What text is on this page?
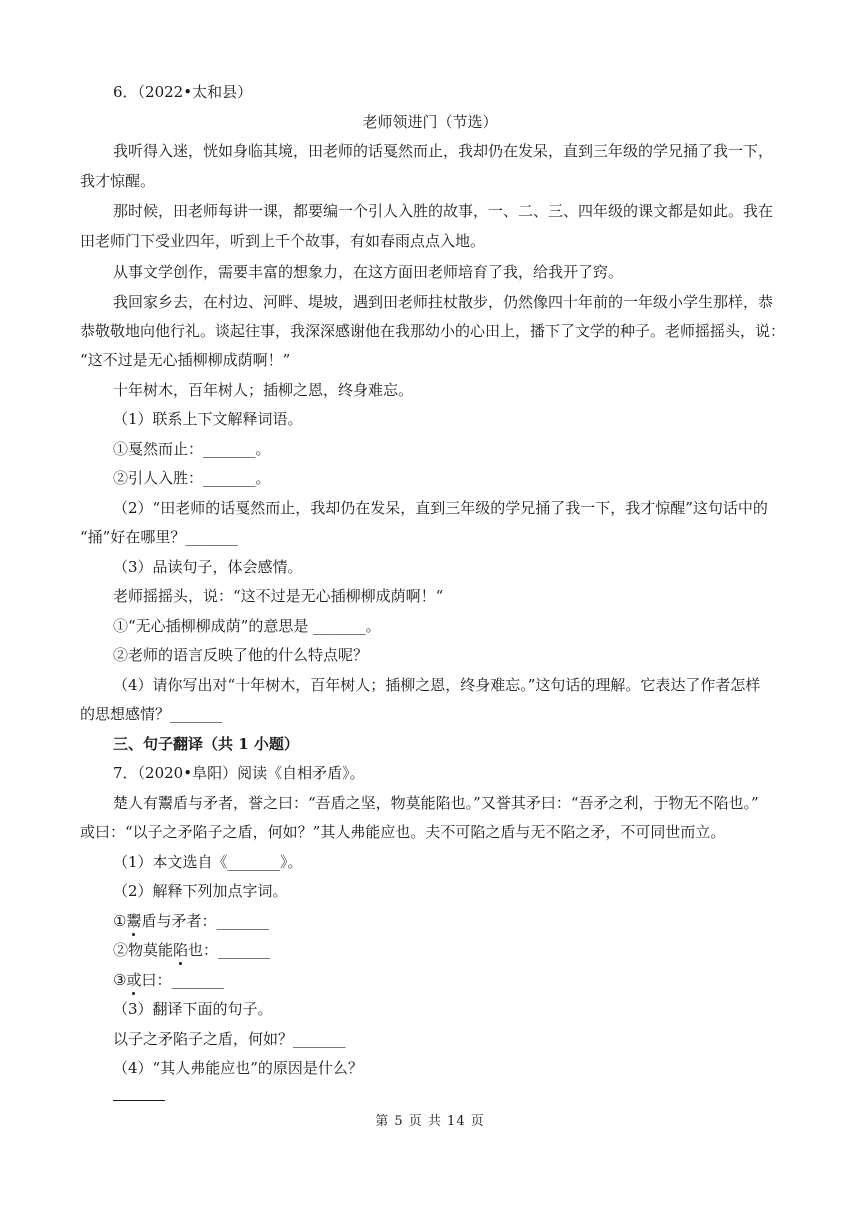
6．（2022•太和县）
老师领进门（节选）
我听得入迷，恍如身临其境，田老师的话戛然而止，我却仍在发呆，直到三年级的学兄捅了我一下，
我才惊醒。
那时候，田老师每讲一课，都要编一个引人入胜的故事，一、二、三、四年级的课文都是如此。我在
田老师门下受业四年，听到上千个故事，有如春雨点点入地。
从事文学创作，需要丰富的想象力，在这方面田老师培育了我，给我开了窍。
我回家乡去，在村边、河畔、堤坡，遇到田老师拄杖散步，仍然像四十年前的一年级小学生那样，恭
恭敬敬地向他行礼。谈起往事，我深深感谢他在我那幼小的心田上，播下了文学的种子。老师摇摇头，说：
“这不过是无心插柳柳成荫啊！”
十年树木，百年树人；插柳之恩，终身难忘。
（1）联系上下文解释词语。
①戛然而止：_______。
②引人入胜：_______。
（2）“田老师的话戛然而止，我却仍在发呆，直到三年级的学兄捅了我一下，我才惊醒”这句话中的
“捅”好在哪里？_______
（3）品读句子，体会感情。
老师摇摇头，说：“这不过是无心插柳柳成荫啊！“
①“无心插柳柳成荫”的意思是 _______。
②老师的语言反映了他的什么特点呢？
（4）请你写出对“十年树木，百年树人；插柳之恩，终身难忘。”这句话的理解。它表达了作者怎样
的思想感情？_______
三、句子翻译（共 1 小题）
7．（2020•阜阳）阅读《自相矛盾》。
楚人有鬻盾与矛者，誉之曰：“吾盾之坚，物莫能陷也。”又誉其矛曰：“吾矛之利，于物无不陷也。”
或曰：“以子之矛陷子之盾，何如？”其人弗能应也。夫不可陷之盾与无不陷之矛，不可同世而立。
（1）本文选自《_______》。
（2）解释下列加点字词。
①鬻盾与矛者：_______
②物莫能陷也：_______
③或曰：_______
（3）翻译下面的句子。
以子之矛陷子之盾，何如？_______
（4）“其人弗能应也”的原因是什么？
第 5 页 共 14 页
